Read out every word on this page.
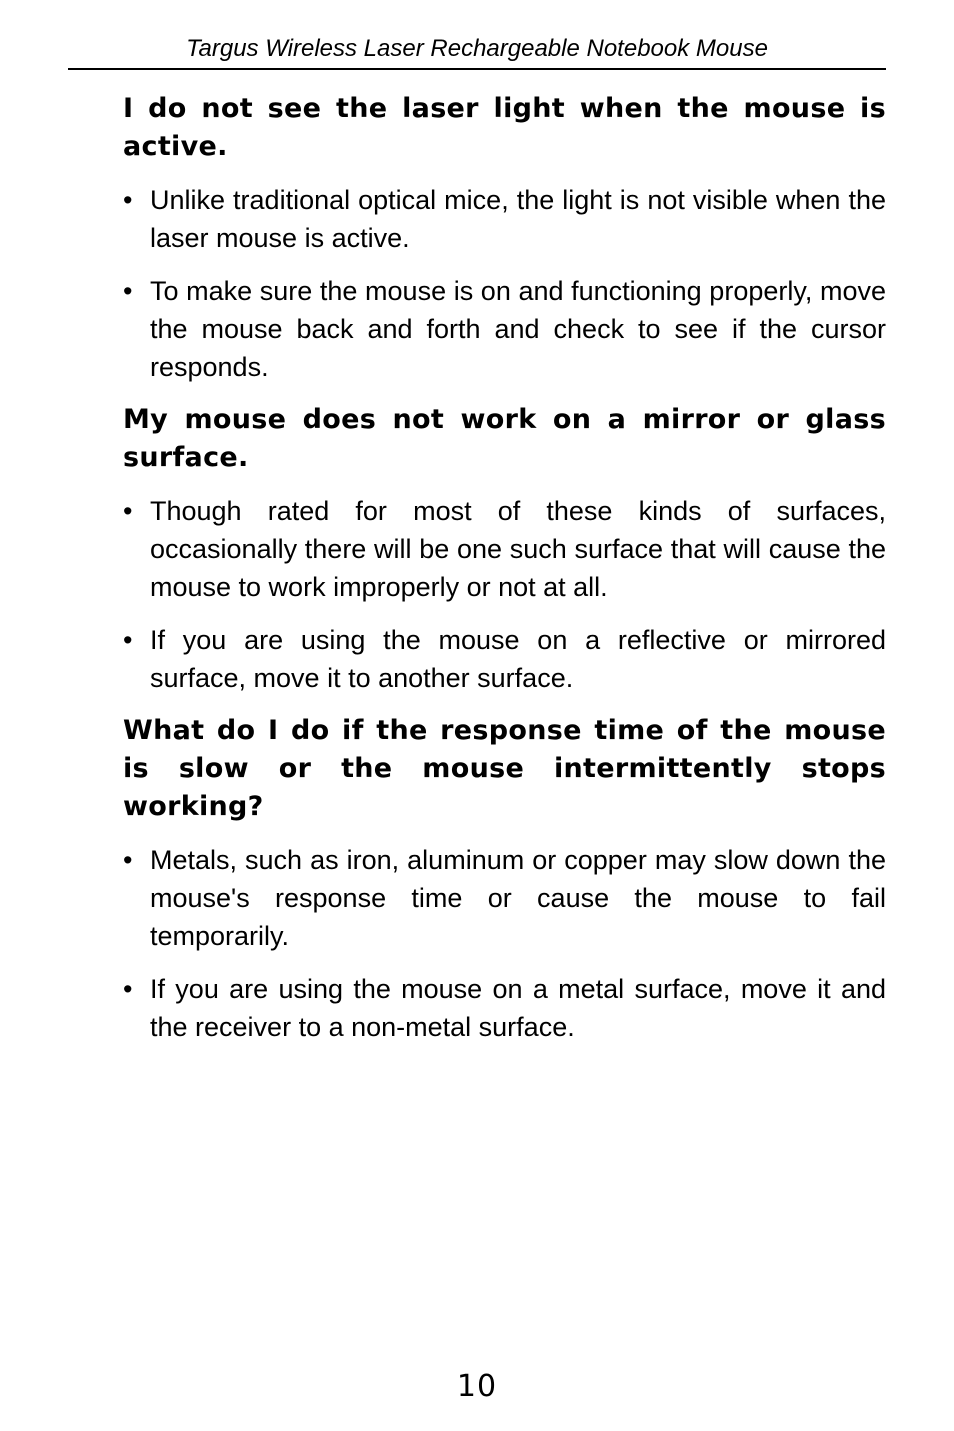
Targus Wireless Laser Rechargeable Notebook Mouse
I do not see the laser light when the mouse is active.
• Unlike traditional optical mice, the light is not visible when the laser mouse is active.
• To make sure the mouse is on and functioning properly, move the mouse back and forth and check to see if the cursor responds.
My mouse does not work on a mirror or glass surface.
• Though rated for most of these kinds of surfaces, occasionally there will be one such surface that will cause the mouse to work improperly or not at all.
• If you are using the mouse on a reflective or mirrored surface, move it to another surface.
What do I do if the response time of the mouse is slow or the mouse intermittently stops working?
• Metals, such as iron, aluminum or copper may slow down the mouse's response time or cause the mouse to fail temporarily.
• If you are using the mouse on a metal surface, move it and the receiver to a non-metal surface.
10
